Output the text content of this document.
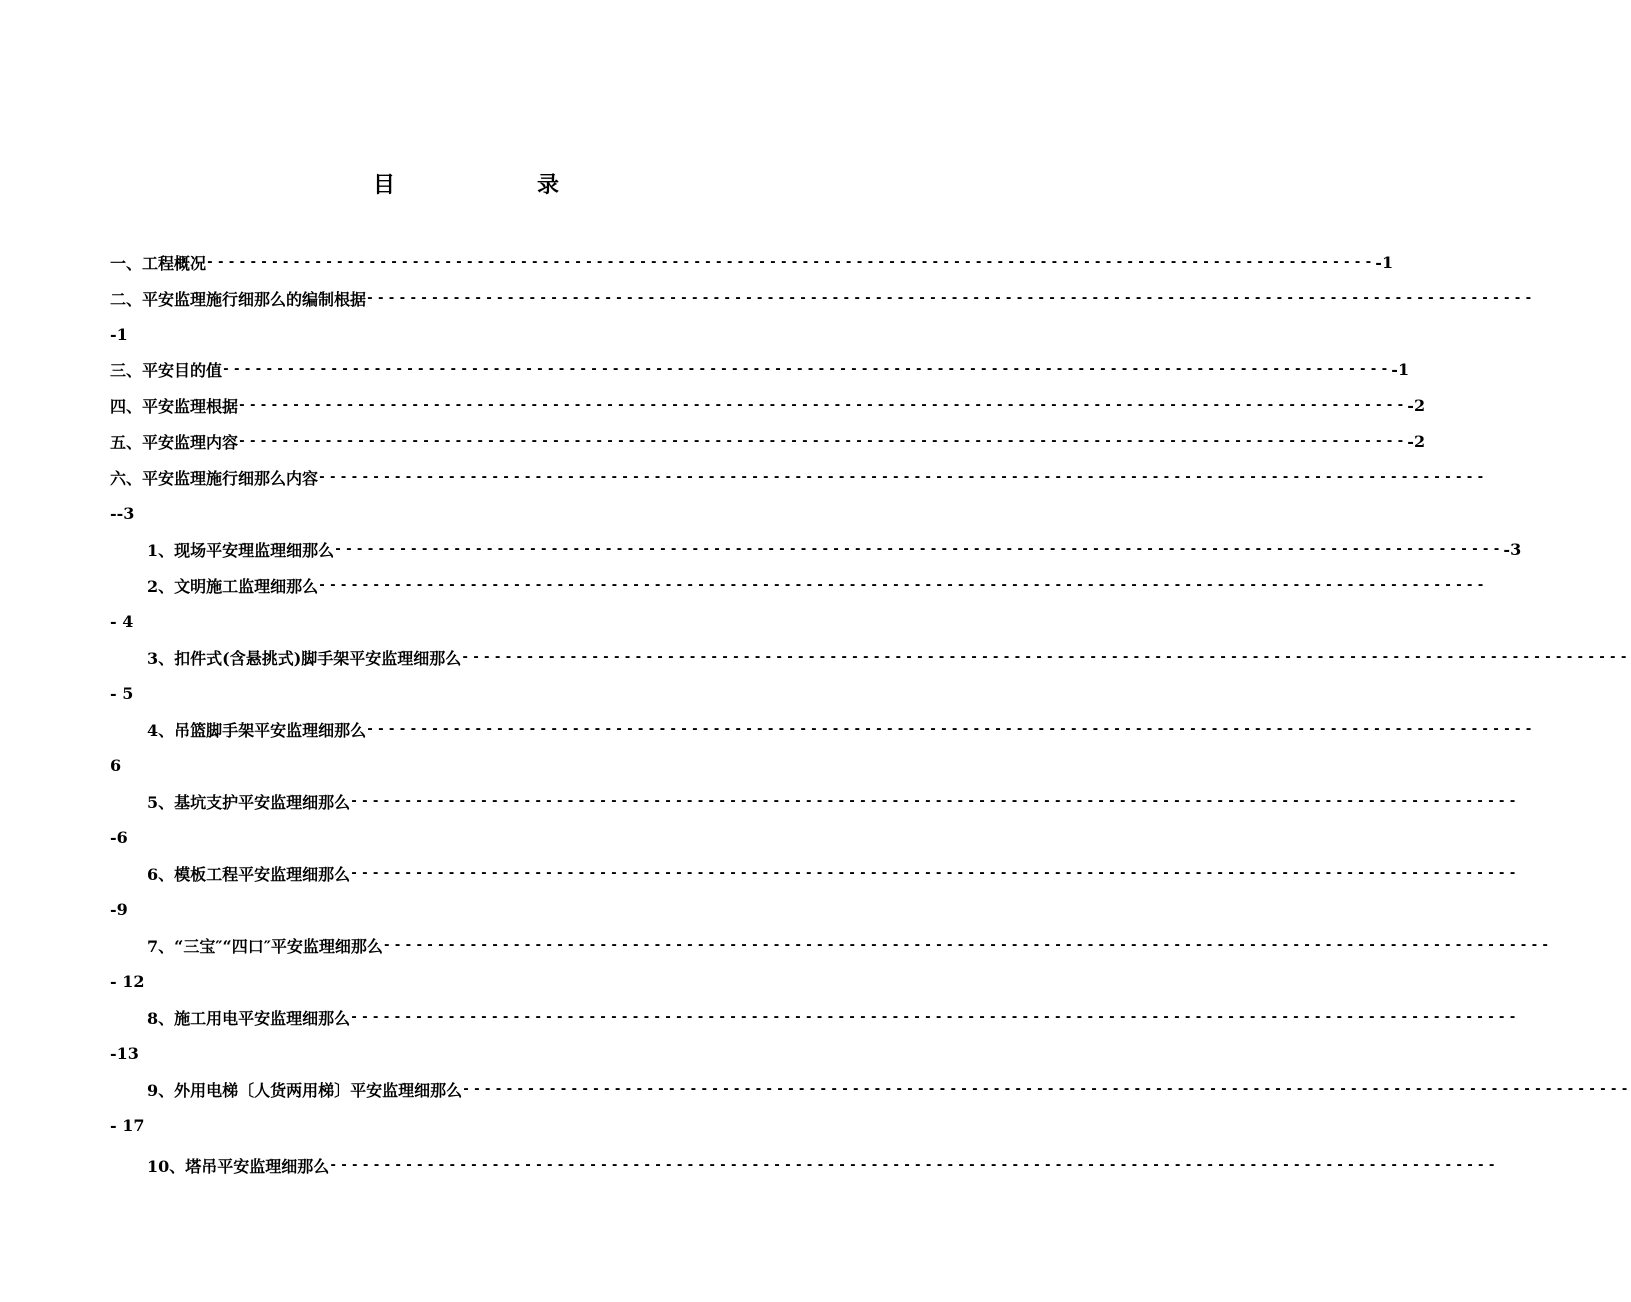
目	录
一、工程概况 ------------------------------------------------------------------------------------------------------------ -1
二、平安监理施行细那么的编制根据 ------------------------------------------------------------------------------------------------------------
-1
三、平安目的值 ------------------------------------------------------------------------------------------------------------ -1
四、平安监理根据 ------------------------------------------------------------------------------------------------------------ -2
五、平安监理内容 ------------------------------------------------------------------------------------------------------------ -2
六、平安监理施行细那么内容 ------------------------------------------------------------------------------------------------------------
--3
1、现场平安理监理细那么 ------------------------------------------------------------------------------------------------------------ -3
2、文明施工监理细那么 ------------------------------------------------------------------------------------------------------------
- 4
3、扣件式(含悬挑式)脚手架平安监理细那么 ------------------------------------------------------------------------------------------------------------
- 5
4、吊篮脚手架平安监理细那么 ------------------------------------------------------------------------------------------------------------
6
5、基坑支护平安监理细那么 ------------------------------------------------------------------------------------------------------------
-6
6、模板工程平安监理细那么 ------------------------------------------------------------------------------------------------------------
-9
7、“三宝″“四口″平安监理细那么 ------------------------------------------------------------------------------------------------------------
- 12
8、施工用电平安监理细那么 ------------------------------------------------------------------------------------------------------------
-13
9、外用电梯〔人货两用梯〕平安监理细那么 ------------------------------------------------------------------------------------------------------------
- 17
10、塔吊平安监理细那么 ------------------------------------------------------------------------------------------------------------
